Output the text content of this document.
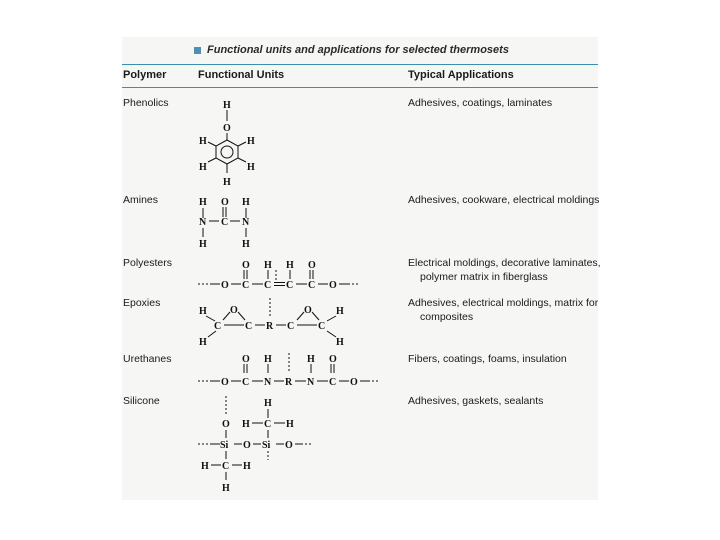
Functional units and applications for selected thermosets
Polymer	Functional Units	Typical Applications
Phenolics	Adhesives, coatings, laminates
H
O
H	H
H	H
H
Amines	Adhesives, cookware, electrical moldings
H O H
N C N
H	H
Polyesters	Electrical moldings, decorative laminates,
polymer matrix in fiberglass
O H H O
O C C C C O
Epoxies	Adhesives, electrical moldings, matrix for
composites
H O	O H
C C R C C
H	H
Urethanes	Fibers, coatings, foams, insulation
O H	H O
O C N R N C O
Silicone	Adhesives, gaskets, sealants
H
O H C H
Si O Si O
H C H
H
